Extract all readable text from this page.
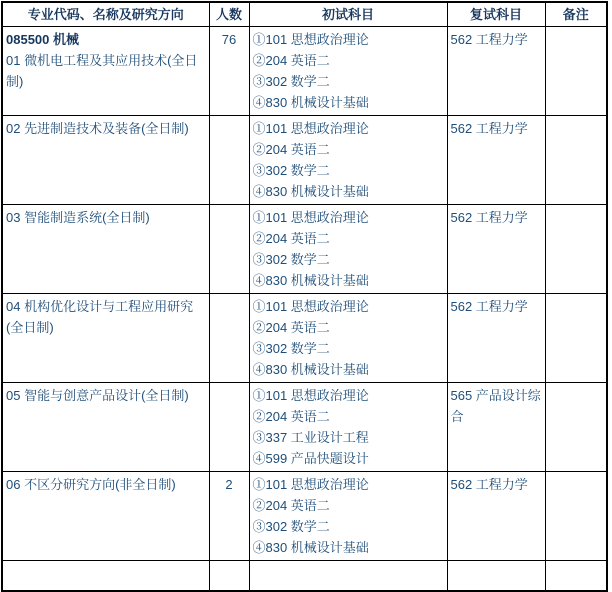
专业代码、名称及研究方向	人数	初试科目	复试科目	备注

085500 机械
01 微机电工程及其应用技术(全日制)
	76	①101 思想政治理论
②204 英语二
③302 数学二
④830 机械设计基础
	562 工程力学	

02 先进制造技术及装备(全日制)		①101 思想政治理论
②204 英语二
③302 数学二
④830 机械设计基础	562 工程力学	

03 智能制造系统(全日制)		①101 思想政治理论
②204 英语二
③302 数学二
④830 机械设计基础	562 工程力学	

04 机构优化设计与工程应用研究(全日制)		①101 思想政治理论
②204 英语二
③302 数学二
④830 机械设计基础	562 工程力学	

05 智能与创意产品设计(全日制)		①101 思想政治理论
②204 英语二
③337 工业设计工程
④599 产品快题设计	565 产品设计综合	

06 不区分研究方向(非全日制)	2	①101 思想政治理论
②204 英语二
③302 数学二
④830 机械设计基础	562 工程力学	
